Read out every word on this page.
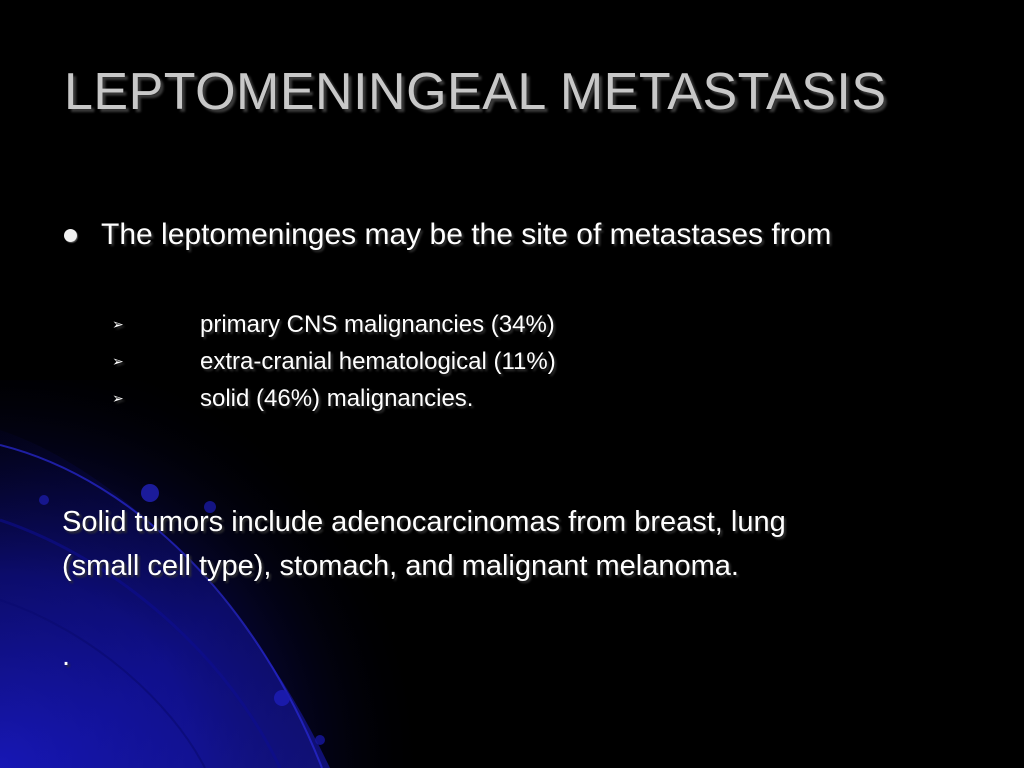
LEPTOMENINGEAL METASTASIS
The leptomeninges may be the site of metastases from
➢	primary CNS malignancies (34%)
➢	extra-cranial hematological (11%)
➢	solid (46%) malignancies.

Solid tumors include adenocarcinomas from breast, lung
(small cell type), stomach, and malignant melanoma.

.
